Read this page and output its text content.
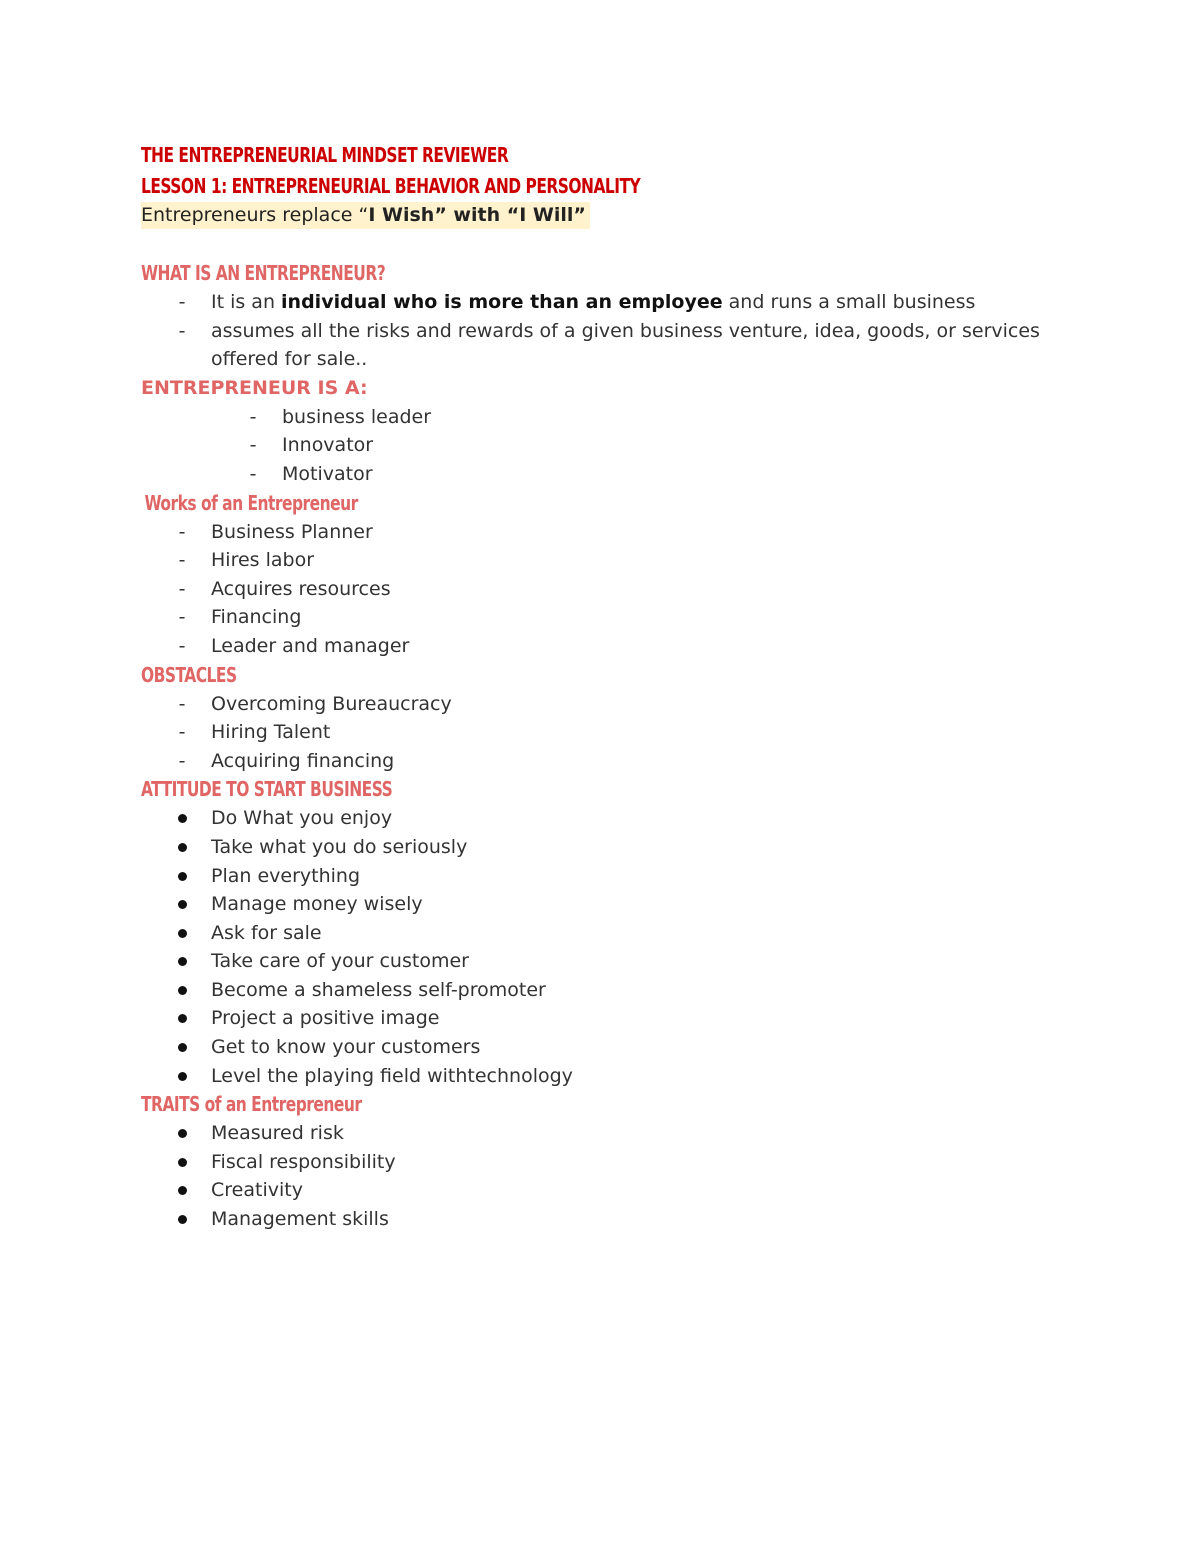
THE ENTREPRENEURIAL MINDSET REVIEWER
LESSON 1: ENTREPRENEURIAL BEHAVIOR AND PERSONALITY
Entrepreneurs replace “I Wish” with “I Will”
WHAT IS AN ENTREPRENEUR?
- It is an individual who is more than an employee and runs a small business
- assumes all the risks and rewards of a given business venture, idea, goods, or services
offered for sale..
ENTREPRENEUR IS A:
- business leader
- Innovator
- Motivator
Works of an Entrepreneur
- Business Planner
- Hires labor
- Acquires resources
- Financing
- Leader and manager
OBSTACLES
- Overcoming Bureaucracy
- Hiring Talent
- Acquiring financing
ATTITUDE TO START BUSINESS
Do What you enjoy
Take what you do seriously
Plan everything
Manage money wisely
Ask for sale
Take care of your customer
Become a shameless self-promoter
Project a positive image
Get to know your customers
Level the playing field withtechnology
TRAITS of an Entrepreneur
Measured risk
Fiscal responsibility
Creativity
Management skills
